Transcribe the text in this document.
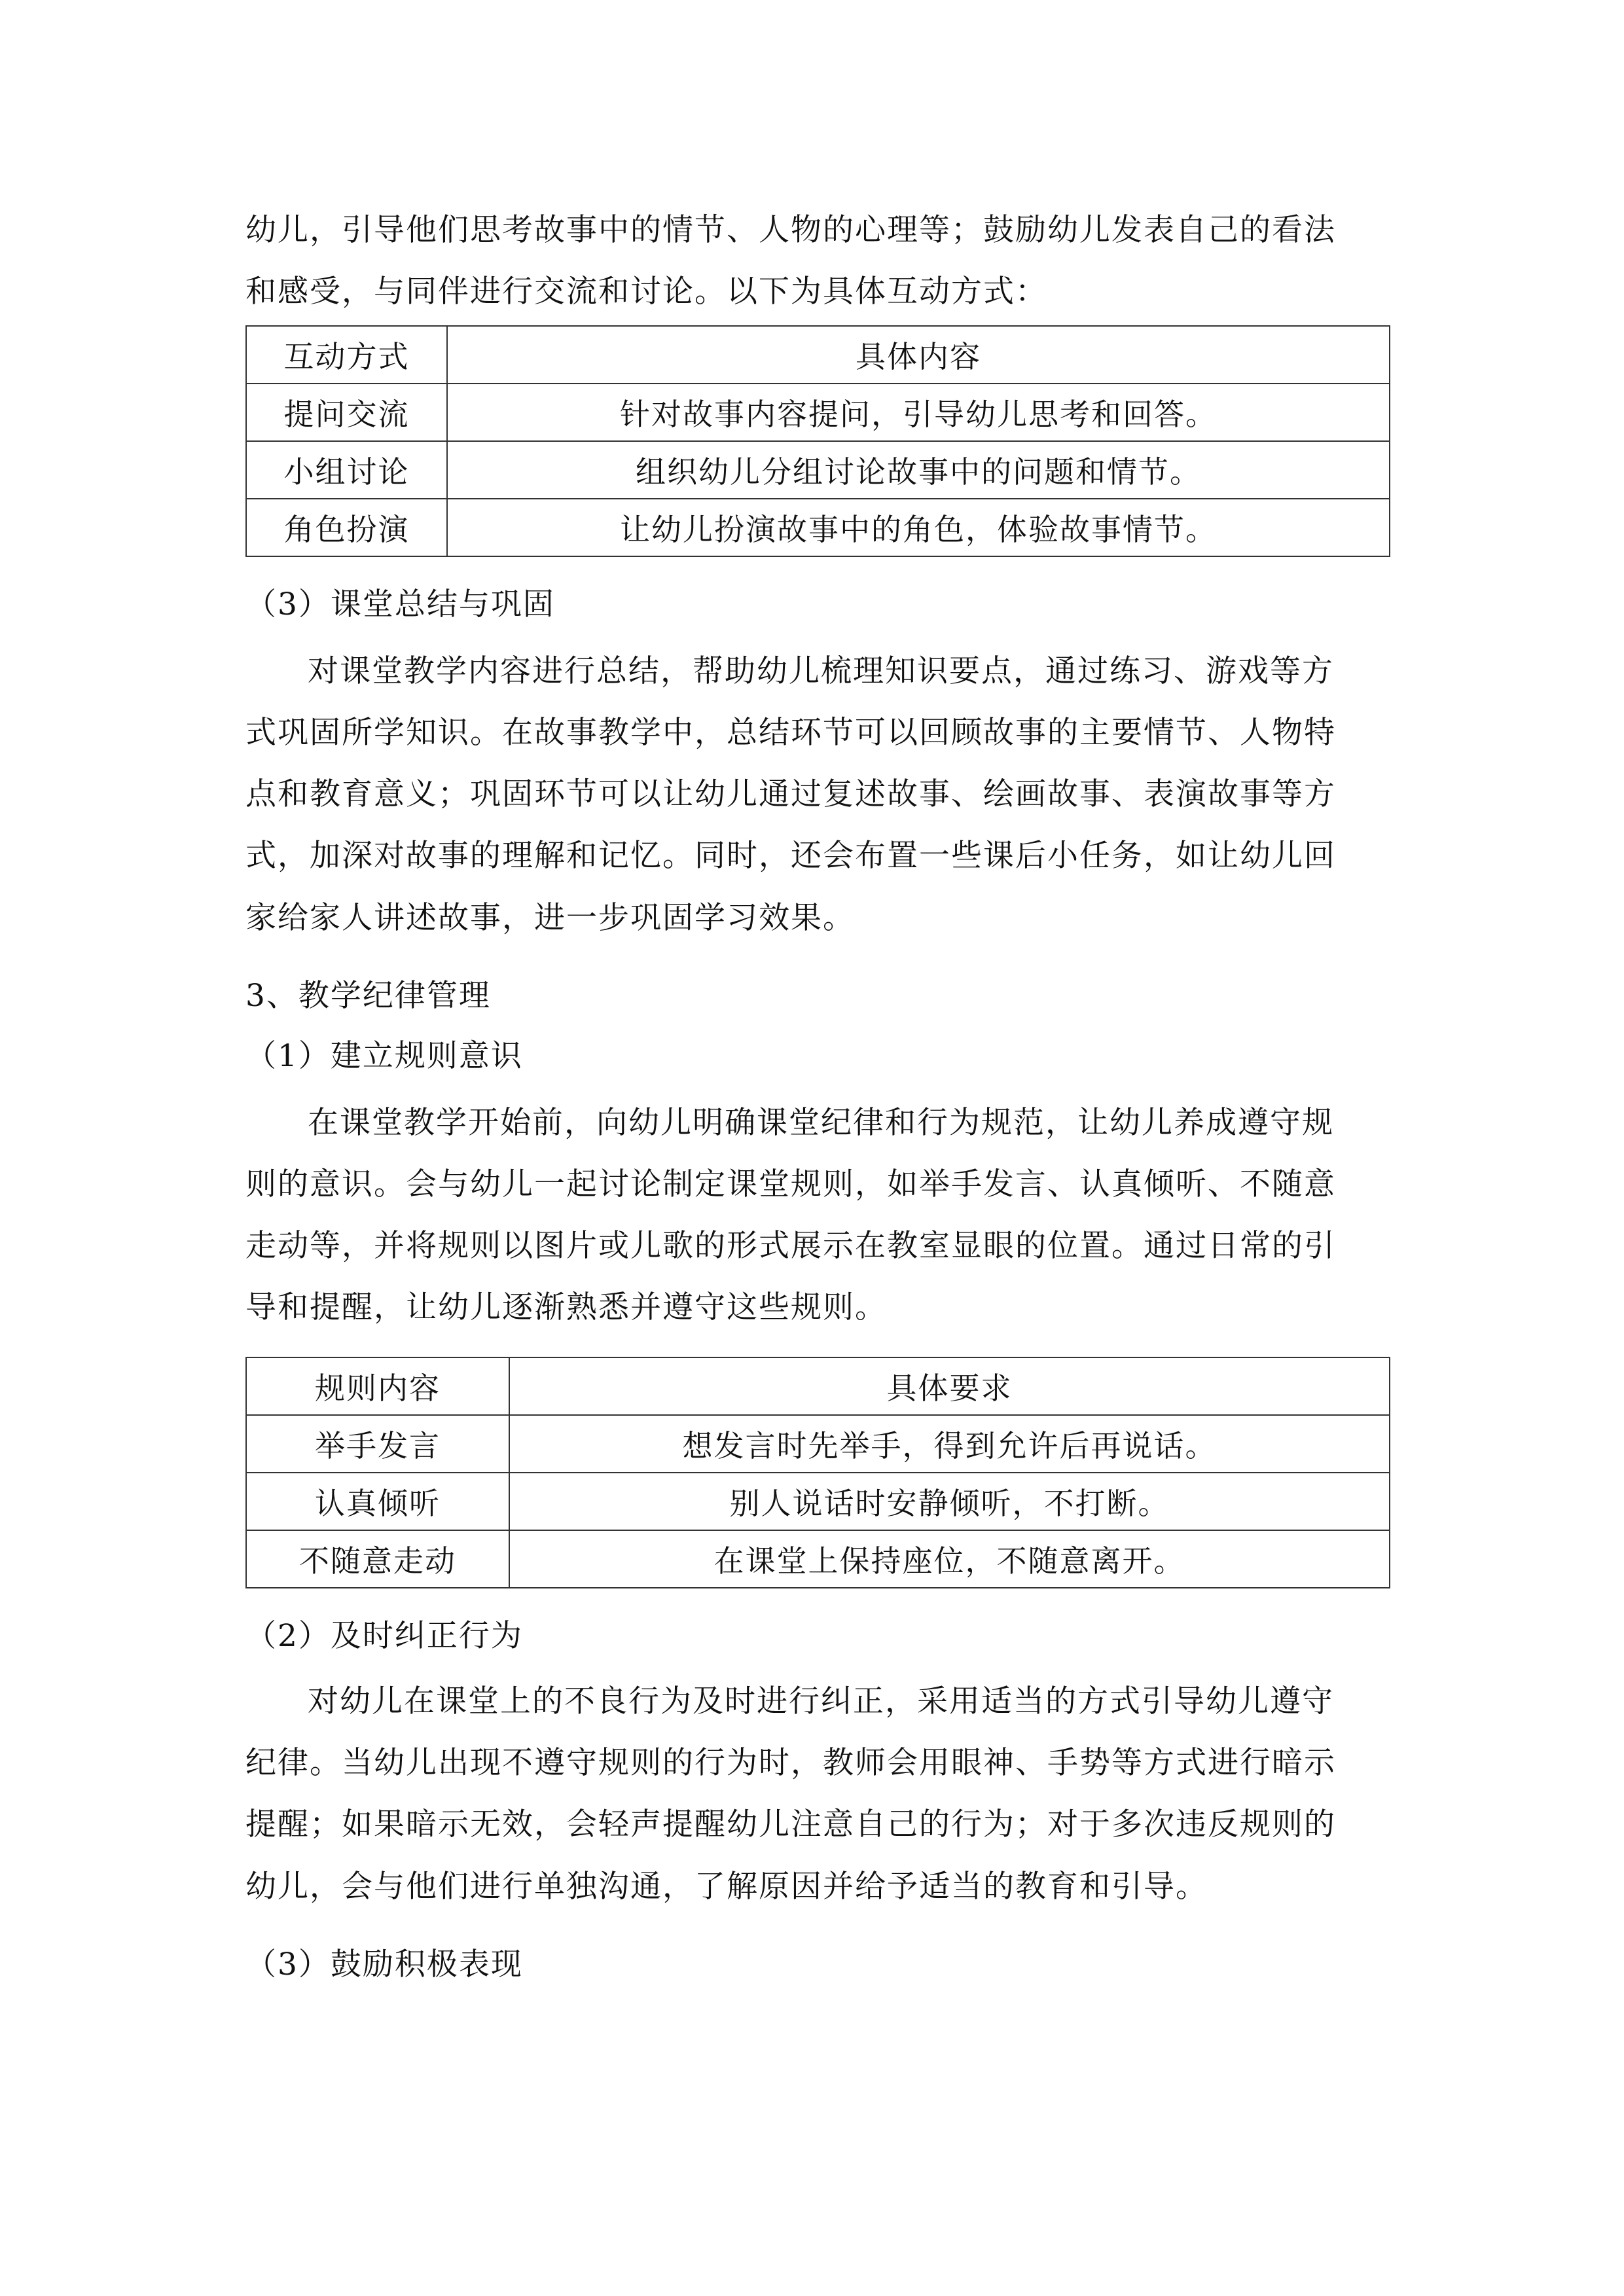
幼儿，引导他们思考故事中的情节、人物的心理等；鼓励幼儿发表自己的看法
和感受，与同伴进行交流和讨论。以下为具体互动方式：
互动方式	具体内容
提问交流	针对故事内容提问，引导幼儿思考和回答。
小组讨论	组织幼儿分组讨论故事中的问题和情节。
角色扮演	让幼儿扮演故事中的角色，体验故事情节。
（3）课堂总结与巩固
对课堂教学内容进行总结，帮助幼儿梳理知识要点，通过练习、游戏等方
式巩固所学知识。在故事教学中，总结环节可以回顾故事的主要情节、人物特
点和教育意义；巩固环节可以让幼儿通过复述故事、绘画故事、表演故事等方
式，加深对故事的理解和记忆。同时，还会布置一些课后小任务，如让幼儿回
家给家人讲述故事，进一步巩固学习效果。
3、教学纪律管理
（1）建立规则意识
在课堂教学开始前，向幼儿明确课堂纪律和行为规范，让幼儿养成遵守规
则的意识。会与幼儿一起讨论制定课堂规则，如举手发言、认真倾听、不随意
走动等，并将规则以图片或儿歌的形式展示在教室显眼的位置。通过日常的引
导和提醒，让幼儿逐渐熟悉并遵守这些规则。
规则内容	具体要求
举手发言	想发言时先举手，得到允许后再说话。
认真倾听	别人说话时安静倾听，不打断。
不随意走动	在课堂上保持座位，不随意离开。
（2）及时纠正行为
对幼儿在课堂上的不良行为及时进行纠正，采用适当的方式引导幼儿遵守
纪律。当幼儿出现不遵守规则的行为时，教师会用眼神、手势等方式进行暗示
提醒；如果暗示无效，会轻声提醒幼儿注意自己的行为；对于多次违反规则的
幼儿，会与他们进行单独沟通，了解原因并给予适当的教育和引导。
（3）鼓励积极表现
